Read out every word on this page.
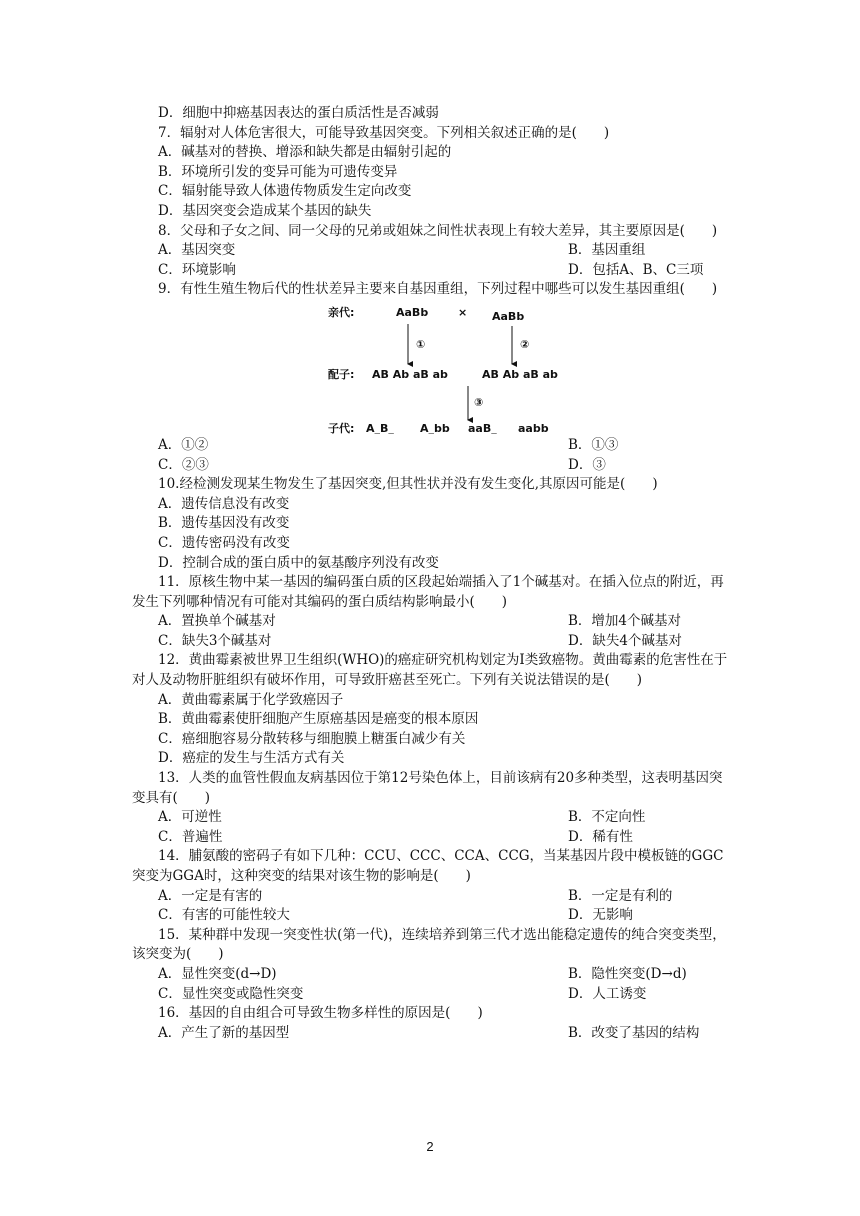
D．细胞中抑癌基因表达的蛋白质活性是否减弱
7．辐射对人体危害很大，可能导致基因突变。下列相关叙述正确的是(　　)
A．碱基对的替换、增添和缺失都是由辐射引起的
B．环境所引发的变异可能为可遗传变异
C．辐射能导致人体遗传物质发生定向改变
D．基因突变会造成某个基因的缺失
8．父母和子女之间、同一父母的兄弟或姐妹之间性状表现上有较大差异，其主要原因是(　　)
A．基因突变	B．基因重组
C．环境影响	D．包括A、B、C三项
9．有性生殖生物后代的性状差异主要来自基因重组，下列过程中哪些可以发生基因重组(　　)
亲代:	AaBb	× AaBb
①	②
配子: AB Ab aB ab	AB Ab aB ab
③
子代: A_B_ A_bb aaB_ aabb
A．①②	B．①③
C．②③	D．③
10.经检测发现某生物发生了基因突变,但其性状并没有发生变化,其原因可能是(　　)
A．遗传信息没有改变
B．遗传基因没有改变
C．遗传密码没有改变
D．控制合成的蛋白质中的氨基酸序列没有改变
11．原核生物中某一基因的编码蛋白质的区段起始端插入了1个碱基对。在插入位点的附近，再发生下列哪种情况有可能对其编码的蛋白质结构影响最小(　　)
A．置换单个碱基对	B．增加4个碱基对
C．缺失3个碱基对	D．缺失4个碱基对
12．黄曲霉素被世界卫生组织(WHO)的癌症研究机构划定为Ⅰ类致癌物。黄曲霉素的危害性在于对人及动物肝脏组织有破坏作用，可导致肝癌甚至死亡。下列有关说法错误的是(　　)
A．黄曲霉素属于化学致癌因子
B．黄曲霉素使肝细胞产生原癌基因是癌变的根本原因
C．癌细胞容易分散转移与细胞膜上糖蛋白减少有关
D．癌症的发生与生活方式有关
13．人类的血管性假血友病基因位于第12号染色体上，目前该病有20多种类型，这表明基因突变具有(　　)
A．可逆性	B．不定向性
C．普遍性	D．稀有性
14．脯氨酸的密码子有如下几种：CCU、CCC、CCA、CCG，当某基因片段中模板链的GGC突变为GGA时，这种突变的结果对该生物的影响是(　　)
A．一定是有害的	B．一定是有利的
C．有害的可能性较大	D．无影响
15．某种群中发现一突变性状(第一代)，连续培养到第三代才选出能稳定遗传的纯合突变类型，该突变为(　　)
A．显性突变(d→D)	B．隐性突变(D→d)
C．显性突变或隐性突变	D．人工诱变
16．基因的自由组合可导致生物多样性的原因是(　　)
A．产生了新的基因型	B．改变了基因的结构
2
